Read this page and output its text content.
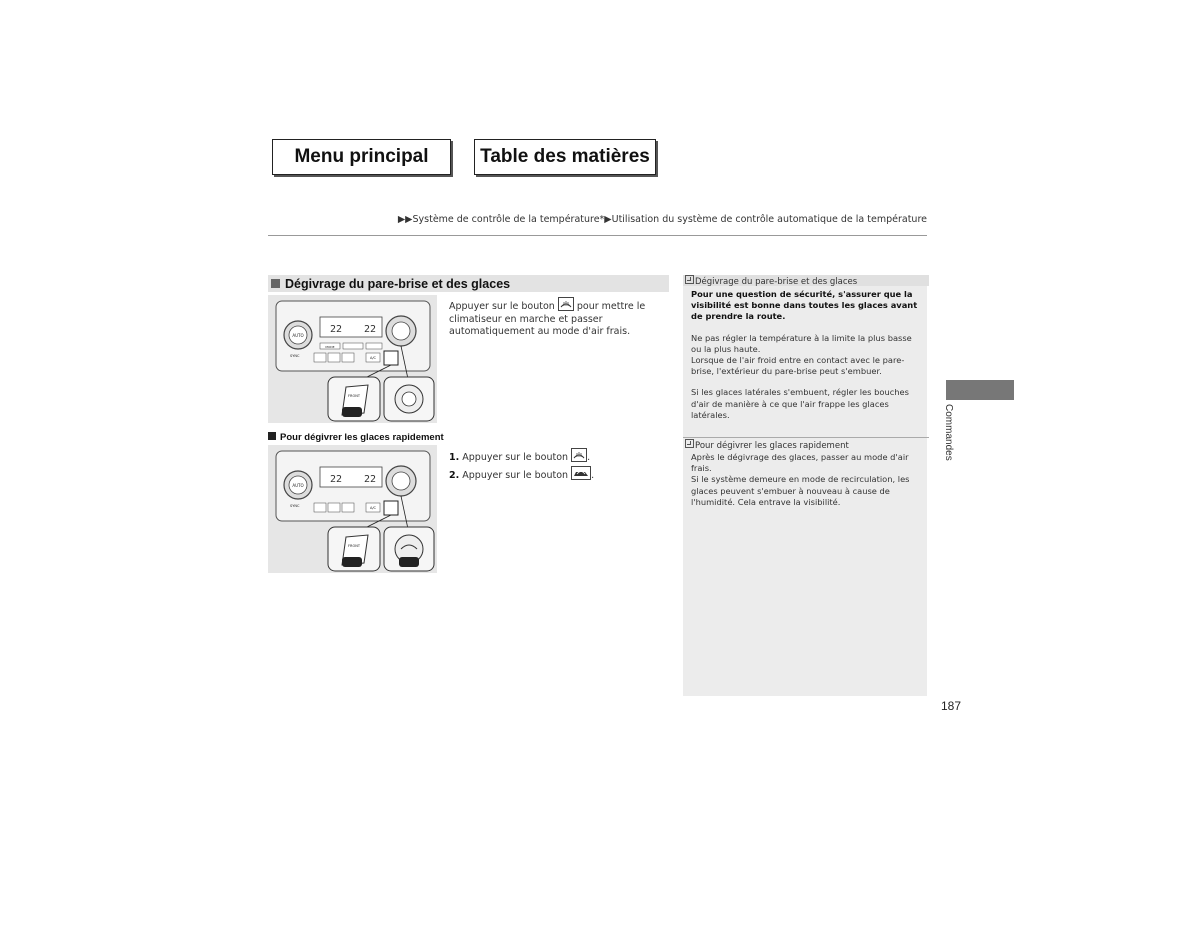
Menu principal	Table des matières
▶▶Système de contrôle de la température*▶Utilisation du système de contrôle automatique de la température
Dégivrage du pare-brise et des glaces
AUTO
22 22
MODE
A/C
SYNC
FRONT
Appuyer sur le bouton
pour mettre le climatiseur en marche et passer automatiquement au mode d'air frais.
Pour dégivrer les glaces rapidement
AUTO
22 22
A/C
SYNC
FRONT
1. Appuyer sur le bouton
.
2. Appuyer sur le bouton
.
Dégivrage du pare-brise et des glaces
Pour une question de sécurité, s'assurer que la visibilité est bonne dans toutes les glaces avant de prendre la route.
Ne pas régler la température à la limite la plus basse ou la plus haute.
Lorsque de l'air froid entre en contact avec le pare-brise, l'extérieur du pare-brise peut s'embuer.
Si les glaces latérales s'embuent, régler les bouches d'air de manière à ce que l'air frappe les glaces latérales.
Pour dégivrer les glaces rapidement
Après le dégivrage des glaces, passer au mode d'air frais.
Si le système demeure en mode de recirculation, les glaces peuvent s'embuer à nouveau à cause de l'humidité. Cela entrave la visibilité.
Commandes
187
